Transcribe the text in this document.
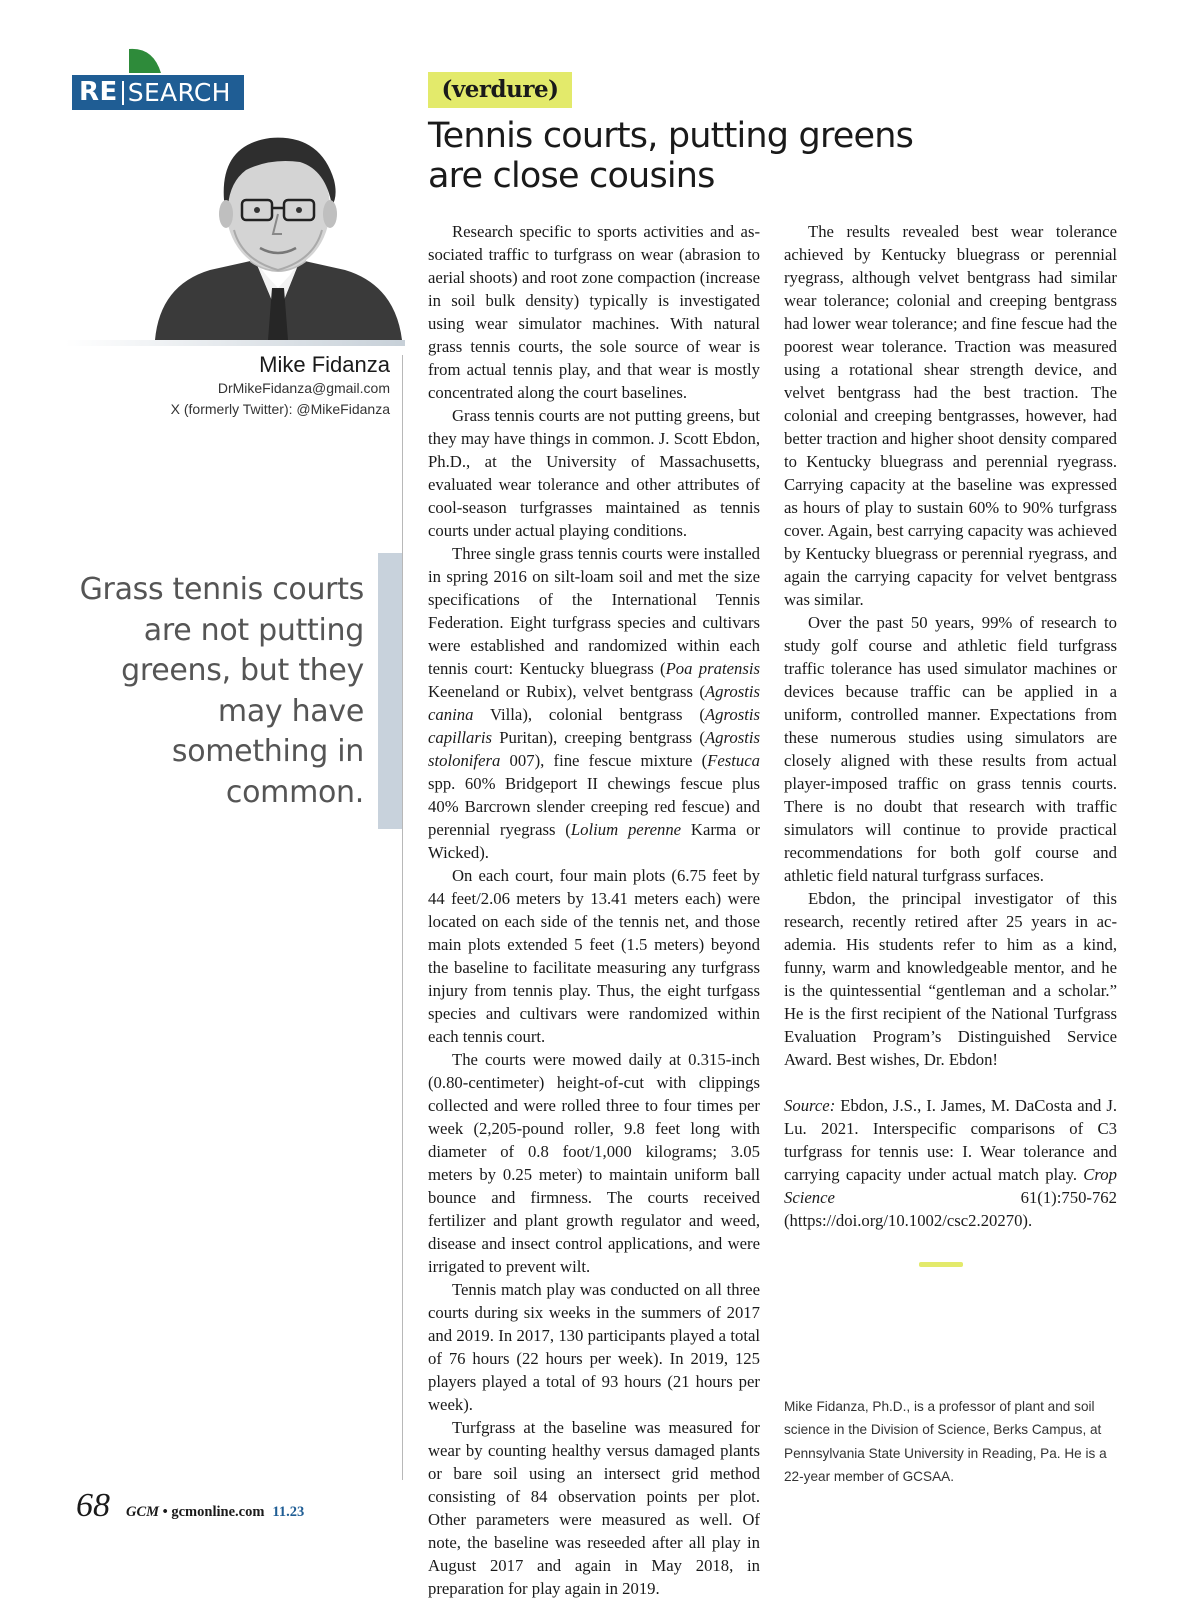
RE SEARCH
Mike Fidanza
DrMikeFidanza@gmail.com
X (formerly Twitter): @MikeFidanza
Grass tennis courts are not putting greens, but they may have something in common.
(verdure)
Tennis courts, putting greens
are close cousins

Research specific to sports activities and associated traffic to turfgrass on wear (abrasion to aerial shoots) and root zone compaction (increase in soil bulk density) typically is investigated using wear simulator machines. With natural grass tennis courts, the sole source of wear is from actual tennis play, and that wear is mostly concentrated along the court baselines.

Grass tennis courts are not putting greens, but they may have things in common. J. Scott Ebdon, Ph.D., at the University of Massachusetts, evaluated wear tolerance and other attributes of cool-season turfgrasses maintained as tennis courts under actual playing conditions.

Three single grass tennis courts were installed in spring 2016 on silt-loam soil and met the size specifications of the International Tennis Federation. Eight turfgrass species and cultivars were established and randomized within each tennis court: Kentucky bluegrass (Poa pratensis Keeneland or Rubix), velvet bentgrass (Agrostis canina Villa), colonial bentgrass (Agrostis capillaris Puritan), creeping bentgrass (Agrostis stolonifera 007), fine fescue mixture (Festuca spp. 60% Bridgeport II chewings fescue plus 40% Barcrown slender creeping red fescue) and perennial ryegrass (Lolium perenne Karma or Wicked).

On each court, four main plots (6.75 feet by 44 feet/2.06 meters by 13.41 meters each) were located on each side of the tennis net, and those main plots extended 5 feet (1.5 meters) beyond the baseline to facilitate measuring any turfgrass injury from tennis play. Thus, the eight turfgass species and cultivars were randomized within each tennis court.

The courts were mowed daily at 0.315-inch (0.80-centimeter) height-of-cut with clippings collected and were rolled three to four times per week (2,205-pound roller, 9.8 feet long with diameter of 0.8 foot/1,000 kilograms; 3.05 meters by 0.25 meter) to maintain uniform ball bounce and firmness. The courts received fertilizer and plant growth regulator and weed, disease and insect control applications, and were irrigated to prevent wilt.

Tennis match play was conducted on all three courts during six weeks in the summers of 2017 and 2019. In 2017, 130 participants played a total of 76 hours (22 hours per week). In 2019, 125 players played a total of 93 hours (21 hours per week).

Turfgrass at the baseline was measured for wear by counting healthy versus damaged plants or bare soil using an intersect grid method consisting of 84 observation points per plot. Other parameters were measured as well. Of note, the baseline was reseeded after all play in August 2017 and again in May 2018, in preparation for play again in 2019.

The results revealed best wear tolerance achieved by Kentucky bluegrass or perennial ryegrass, although velvet bentgrass had similar wear tolerance; colonial and creeping bentgrass had lower wear tolerance; and fine fescue had the poorest wear tolerance. Traction was measured using a rotational shear strength device, and velvet bentgrass had the best traction. The colonial and creeping bentgrasses, however, had better traction and higher shoot density compared to Kentucky bluegrass and perennial ryegrass. Carrying capacity at the baseline was expressed as hours of play to sustain 60% to 90% turfgrass cover. Again, best carrying capacity was achieved by Kentucky bluegrass or perennial ryegrass, and again the carrying capacity for velvet bentgrass was similar.

Over the past 50 years, 99% of research to study golf course and athletic field turfgrass traffic tolerance has used simulator machines or devices because traffic can be applied in a uniform, controlled manner. Expectations from these numerous studies using simulators are closely aligned with these results from actual player-imposed traffic on grass tennis courts. There is no doubt that research with traffic simulators will continue to provide practical recommendations for both golf course and athletic field natural turfgrass surfaces.

Ebdon, the principal investigator of this research, recently retired after 25 years in academia. His students refer to him as a kind, funny, warm and knowledgeable mentor, and he is the quintessential “gentleman and a scholar.” He is the first recipient of the National Turfgrass Evaluation Program’s Distinguished Service Award. Best wishes, Dr. Ebdon!

Source: Ebdon, J.S., I. James, M. DaCosta and J. Lu. 2021. Interspecific comparisons of C3 turfgrass for tennis use: I. Wear tolerance and carrying capacity under actual match play. Crop Science 61(1):750-762 (https://doi.org/10.1002/csc2.20270).

Mike Fidanza, Ph.D., is a professor of plant and soil science in the Division of Science, Berks Campus, at Pennsylvania State University in Reading, Pa. He is a 22-year member of GCSAA.
68 GCM • gcmonline.com 11.23
